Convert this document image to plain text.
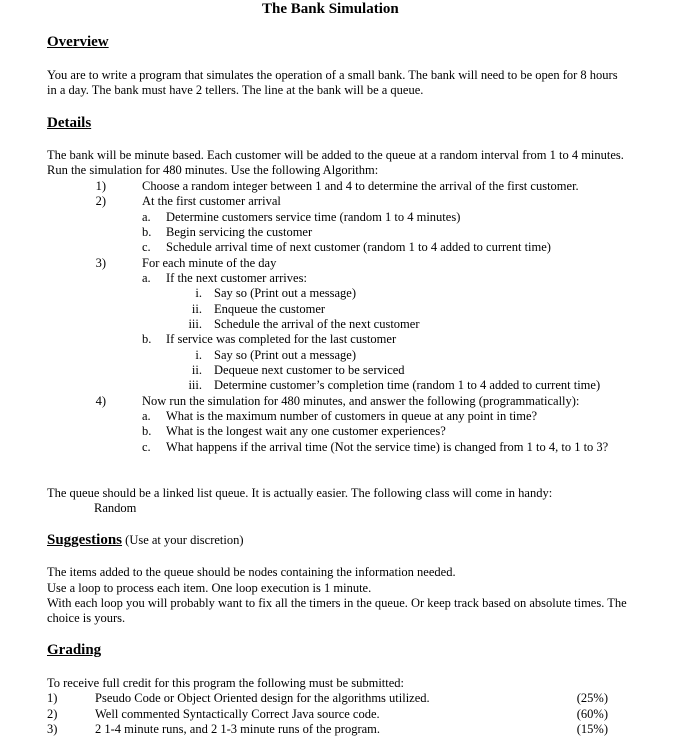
The Bank Simulation
Overview
You are to write a program that simulates the operation of a small bank. The bank will need to be open for 8 hours in a day. The bank must have 2 tellers. The line at the bank will be a queue.
Details
The bank will be minute based. Each customer will be added to the queue at a random interval from 1 to 4 minutes. Run the simulation for 480 minutes. Use the following Algorithm:
1)	Choose a random integer between 1 and 4 to determine the arrival of the first customer.
2)	At the first customer arrival
a. Determine customers service time (random 1 to 4 minutes)
b. Begin servicing the customer
c. Schedule arrival time of next customer (random 1 to 4 added to current time)
3)	For each minute of the day
a. If the next customer arrives:
i. Say so (Print out a message)
ii. Enqueue the customer
iii. Schedule the arrival of the next customer
b. If service was completed for the last customer
i. Say so (Print out a message)
ii. Dequeue next customer to be serviced
iii. Determine customer’s completion time (random 1 to 4 added to current time)
4)	Now run the simulation for 480 minutes, and answer the following (programmatically):
a. What is the maximum number of customers in queue at any point in time?
b. What is the longest wait any one customer experiences?
c. What happens if the arrival time (Not the service time) is changed from 1 to 4, to 1 to 3?
The queue should be a linked list queue. It is actually easier. The following class will come in handy:
Random
Suggestions (Use at your discretion)
The items added to the queue should be nodes containing the information needed.
Use a loop to process each item. One loop execution is 1 minute.
With each loop you will probably want to fix all the timers in the queue. Or keep track based on absolute times. The choice is yours.
Grading
To receive full credit for this program the following must be submitted:
1)	Pseudo Code or Object Oriented design for the algorithms utilized.	(25%)
2)	Well commented Syntactically Correct Java source code.	(60%)
3)	2 1-4 minute runs, and 2 1-3 minute runs of the program.	(15%)
